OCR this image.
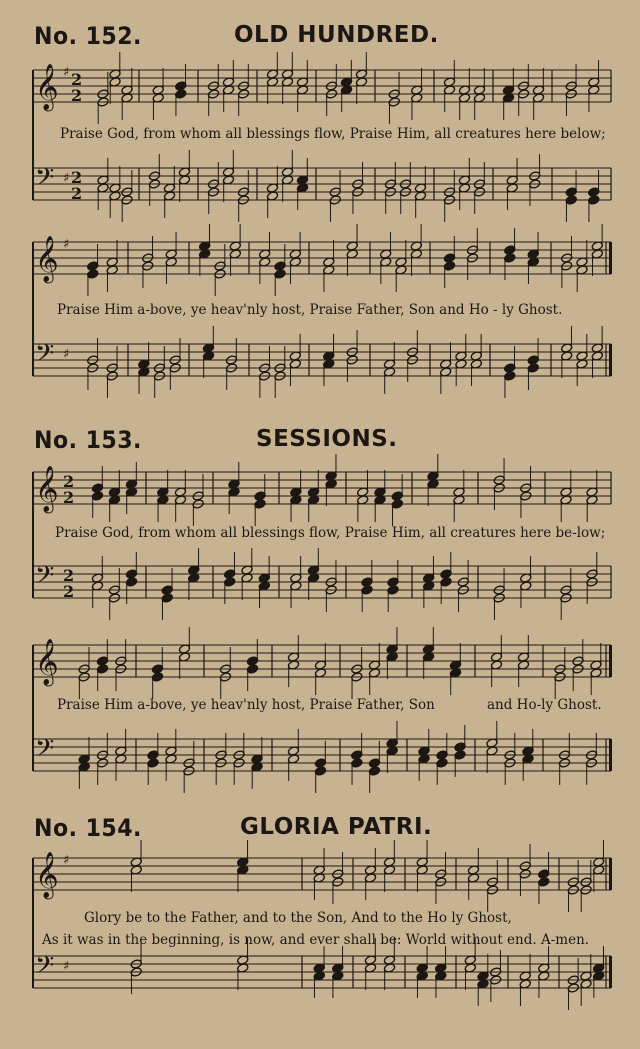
No. 152.	OLD HUNDRED.
𝄞 ♯ 2
2
𝄢 ♯ 2
2
Praise God, from whom all blessings flow, Praise Him, all creatures here below;
𝄞 ♯
𝄢 ♯
Praise Him a-bove, ye heav'nly host, Praise Father, Son and Ho - ly Ghost.
No. 153.	SESSIONS.
𝄞 2
2
𝄢 2
2
Praise God, from whom all blessings flow, Praise Him, all creatures here be-low;
𝄞
𝄢
Praise Him a-bove, ye heav'nly host, Praise Father, Son	and Ho-ly Ghost.
No. 154.	GLORIA PATRI.
𝄞 ♯
𝄢 ♯
Glory be to the Father, and to the Son, And to the Ho ly Ghost,
As it was in the beginning, is now, and ever shall be: World without end. A-men.
